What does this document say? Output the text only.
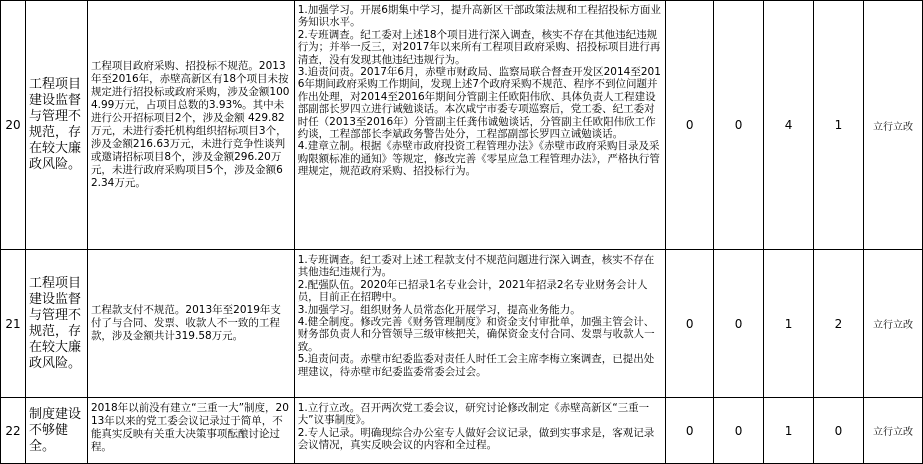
20	工程项目建设监督与管理不规范，存在较大廉政风险。	工程项目政府采购、招投标不规范。2013年至2016年，赤壁高新区有18个项目未按规定进行招投标或政府采购，涉及金额1004.99万元，占项目总数的3.93%。其中未进行公开招标项目2个，涉及金额 429.82万元，未进行委托机构组织招标项目3个，涉及金额216.63万元，未进行竞争性谈判或邀请招标项目8个，涉及金额296.20万元，未进行政府采购项目5个，涉及金额62.34万元。	1.加强学习。开展6期集中学习，提升高新区干部政策法规和工程招投标方面业务知识水平。

2.专班调查。纪工委对上述18个项目进行深入调查，核实不存在其他违纪违规行为；并举一反三，对2017年以来所有工程项目政府采购、招投标项目进行再清查，没有发现其他违纪违规行为。

3.追责问责。2017年6月，赤壁市财政局、监察局联合督查开发区2014至2016年期间政府采购工作期间，发现上述7个政府采购不规范、程序不到位问题并作出处理，对2014至2016年期间分管副主任欧阳伟欣、具体负责人工程建设部副部长罗四立进行诫勉谈话。本次咸宁市委专项巡察后，党工委、纪工委对时任（2013至2016年）分管副主任龚伟诚勉谈话，分管副主任欧阳伟欣工作约谈，工程部部长李斌政务警告处分，工程部副部长罗四立诫勉谈话。

4.建章立制。根据《赤壁市政府投资工程管理办法》《赤壁市政府采购目录及采购限额标准的通知》等规定，修改完善《零星应急工程管理办法》，严格执行管理规定，规范政府采购、招投标行为。	0	0	4	1	立行立改
21	工程项目建设监督与管理不规范，存在较大廉政风险。	工程款支付不规范。2013年至2019年支付了与合同、发票、收款人不一致的工程款，涉及金额共计319.58万元。	1.专班调查。纪工委对上述工程款支付不规范问题进行深入调查，核实不存在其他违纪违规行为。

2.配强队伍。2020年已招录1名专业会计，2021年招录2名专业财务会计人员，目前正在招聘中。

3.加强学习。组织财务人员常态化开展学习，提高业务能力。

4.健全制度。修改完善《财务管理制度》和资金支付审批单，加强主管会计、财务部负责人和分管领导三级审核把关，确保资金支付合同、发票与收款人一致。

5.追责问责。赤壁市纪委监委对责任人时任工会主席李梅立案调查，已提出处理建议，待赤壁市纪委监委常委会过会。	0	0	1	2	立行立改
22	制度建设不够健全。	2018年以前没有建立“三重一大”制度，2013年以来的党工委会议记录过于简单，不能真实反映有关重大决策事项酝酿讨论过程。	1.立行立改。召开两次党工委会议，研究讨论修改制定《赤壁高新区“三重一大”议事制度》。

2.专人记录。明确现综合办公室专人做好会议记录，做到实事求是，客观记录会议情况，真实反映会议的内容和全过程。	0	0	1	0	立行立改
